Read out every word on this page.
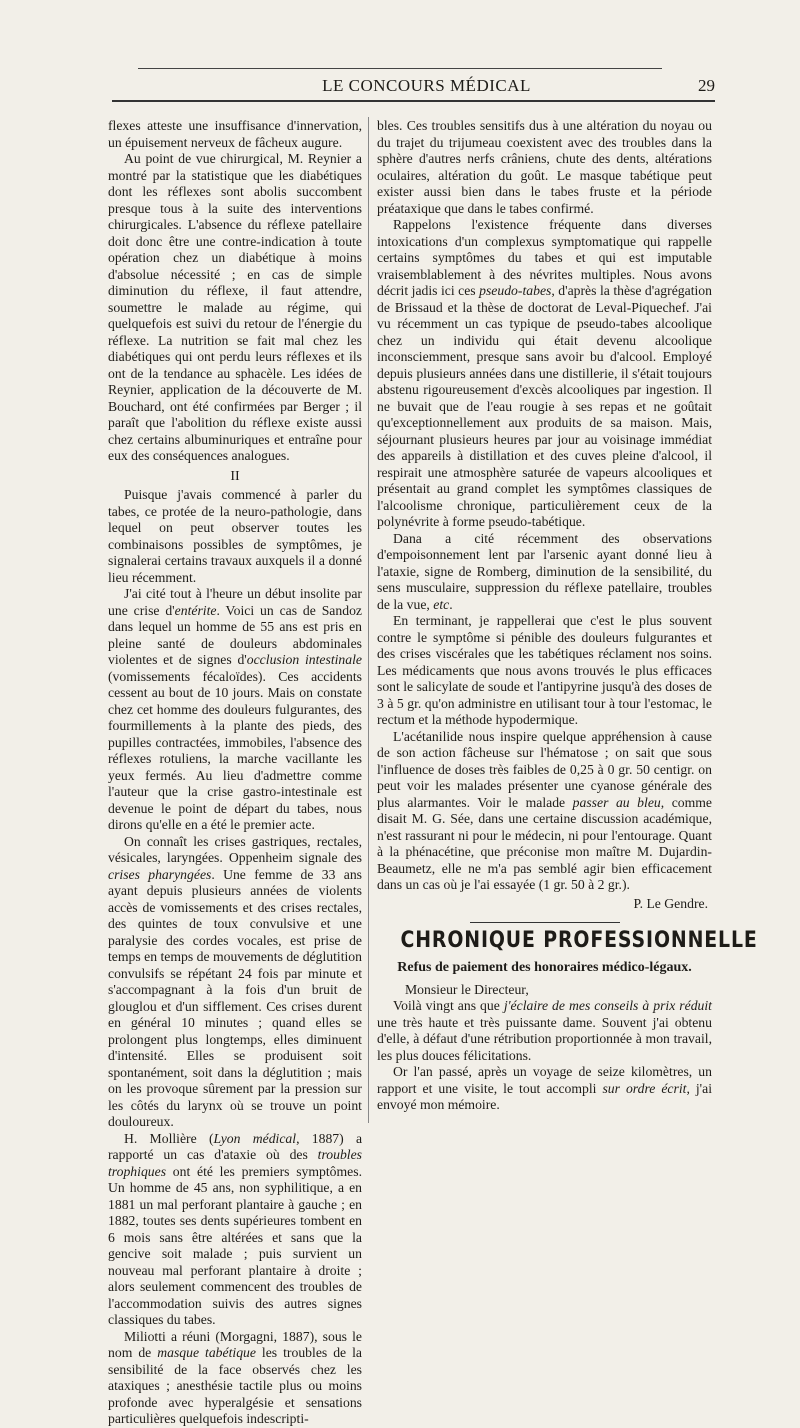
LE CONCOURS MÉDICAL	29

flexes atteste une insuffisance d'innervation, un épuisement nerveux de fâcheux augure.

Au point de vue chirurgical, M. Reynier a montré par la statistique que les diabétiques dont les réflexes sont abolis succombent presque tous à la suite des interventions chirurgicales. L'absence du réflexe patellaire doit donc être une contre-indication à toute opération chez un diabétique à moins d'absolue nécessité ; en cas de simple diminution du réflexe, il faut attendre, soumettre le malade au régime, qui quelquefois est suivi du retour de l'énergie du réflexe. La nutrition se fait mal chez les diabétiques qui ont perdu leurs réflexes et ils ont de la tendance au sphacèle. Les idées de Reynier, application de la découverte de M. Bouchard, ont été confirmées par Berger ; il paraît que l'abolition du réflexe existe aussi chez certains albuminuriques et entraîne pour eux des conséquences analogues.

II

Puisque j'avais commencé à parler du tabes, ce protée de la neuro-pathologie, dans lequel on peut observer toutes les combinaisons possibles de symptômes, je signalerai certains travaux auxquels il a donné lieu récemment.

J'ai cité tout à l'heure un début insolite par une crise d'entérite. Voici un cas de Sandoz dans lequel un homme de 55 ans est pris en pleine santé de douleurs abdominales violentes et de signes d'occlusion intestinale (vomissements fécaloïdes). Ces accidents cessent au bout de 10 jours. Mais on constate chez cet homme des douleurs fulgurantes, des fourmillements à la plante des pieds, des pupilles contractées, immobiles, l'absence des réflexes rotuliens, la marche vacillante les yeux fermés. Au lieu d'admettre comme l'auteur que la crise gastro-intestinale est devenue le point de départ du tabes, nous dirons qu'elle en a été le premier acte.

On connaît les crises gastriques, rectales, vésicales, laryngées. Oppenheim signale des crises pharyngées. Une femme de 33 ans ayant depuis plusieurs années de violents accès de vomissements et des crises rectales, des quintes de toux convulsive et une paralysie des cordes vocales, est prise de temps en temps de mouvements de déglutition convulsifs se répétant 24 fois par minute et s'accompagnant à la fois d'un bruit de glouglou et d'un sifflement. Ces crises durent en général 10 minutes ; quand elles se prolongent plus longtemps, elles diminuent d'intensité. Elles se produisent soit spontanément, soit dans la déglutition ; mais on les provoque sûrement par la pression sur les côtés du larynx où se trouve un point douloureux.

H. Mollière (Lyon médical, 1887) a rapporté un cas d'ataxie où des troubles trophiques ont été les premiers symptômes. Un homme de 45 ans, non syphilitique, a en 1881 un mal perforant plantaire à gauche ; en 1882, toutes ses dents supérieures tombent en 6 mois sans être altérées et sans que la gencive soit malade ; puis survient un nouveau mal perforant plantaire à droite ; alors seulement commencent des troubles de l'accommodation suivis des autres signes classiques du tabes.

Miliotti a réuni (Morgagni, 1887), sous le nom de masque tabétique les troubles de la sensibilité de la face observés chez les ataxiques ; anesthésie tactile plus ou moins profonde avec hyperalgésie et sensations particulières quelquefois indescripti-

bles. Ces troubles sensitifs dus à une altération du noyau ou du trajet du trijumeau coexistent avec des troubles dans la sphère d'autres nerfs crâniens, chute des dents, altérations oculaires, altération du goût. Le masque tabétique peut exister aussi bien dans le tabes fruste et la période préataxique que dans le tabes confirmé.

Rappelons l'existence fréquente dans diverses intoxications d'un complexus symptomatique qui rappelle certains symptômes du tabes et qui est imputable vraisemblablement à des névrites multiples. Nous avons décrit jadis ici ces pseudo-tabes, d'après la thèse d'agrégation de Brissaud et la thèse de doctorat de Leval-Piquechef. J'ai vu récemment un cas typique de pseudo-tabes alcoolique chez un individu qui était devenu alcoolique inconsciemment, presque sans avoir bu d'alcool. Employé depuis plusieurs années dans une distillerie, il s'était toujours abstenu rigoureusement d'excès alcooliques par ingestion. Il ne buvait que de l'eau rougie à ses repas et ne goûtait qu'exceptionnellement aux produits de sa maison. Mais, séjournant plusieurs heures par jour au voisinage immédiat des appareils à distillation et des cuves pleine d'alcool, il respirait une atmosphère saturée de vapeurs alcooliques et présentait au grand complet les symptômes classiques de l'alcoolisme chronique, particulièrement ceux de la polynévrite à forme pseudo-tabétique.

Dana a cité récemment des observations d'empoisonnement lent par l'arsenic ayant donné lieu à l'ataxie, signe de Romberg, diminution de la sensibilité, du sens musculaire, suppression du réflexe patellaire, troubles de la vue, etc.

En terminant, je rappellerai que c'est le plus souvent contre le symptôme si pénible des douleurs fulgurantes et des crises viscérales que les tabétiques réclament nos soins. Les médicaments que nous avons trouvés le plus efficaces sont le salicylate de soude et l'antipyrine jusqu'à des doses de 3 à 5 gr. qu'on administre en utilisant tour à tour l'estomac, le rectum et la méthode hypodermique.

L'acétanilide nous inspire quelque appréhension à cause de son action fâcheuse sur l'hématose ; on sait que sous l'influence de doses très faibles de 0,25 à 0 gr. 50 centigr. on peut voir les malades présenter une cyanose générale des plus alarmantes. Voir le malade passer au bleu, comme disait M. G. Sée, dans une certaine discussion académique, n'est rassurant ni pour le médecin, ni pour l'entourage. Quant à la phénacétine, que préconise mon maître M. Dujardin-Beaumetz, elle ne m'a pas semblé agir bien efficacement dans un cas où je l'ai essayée (1 gr. 50 à 2 gr.).

P. Le Gendre.
CHRONIQUE PROFESSIONNELLE
Refus de paiement des honoraires médico-légaux.

Monsieur le Directeur,

Voilà vingt ans que j'éclaire de mes conseils à prix réduit une très haute et très puissante dame. Souvent j'ai obtenu d'elle, à défaut d'une rétribution proportionnée à mon travail, les plus douces félicitations.

Or l'an passé, après un voyage de seize kilomètres, un rapport et une visite, le tout accompli sur ordre écrit, j'ai envoyé mon mémoire.
